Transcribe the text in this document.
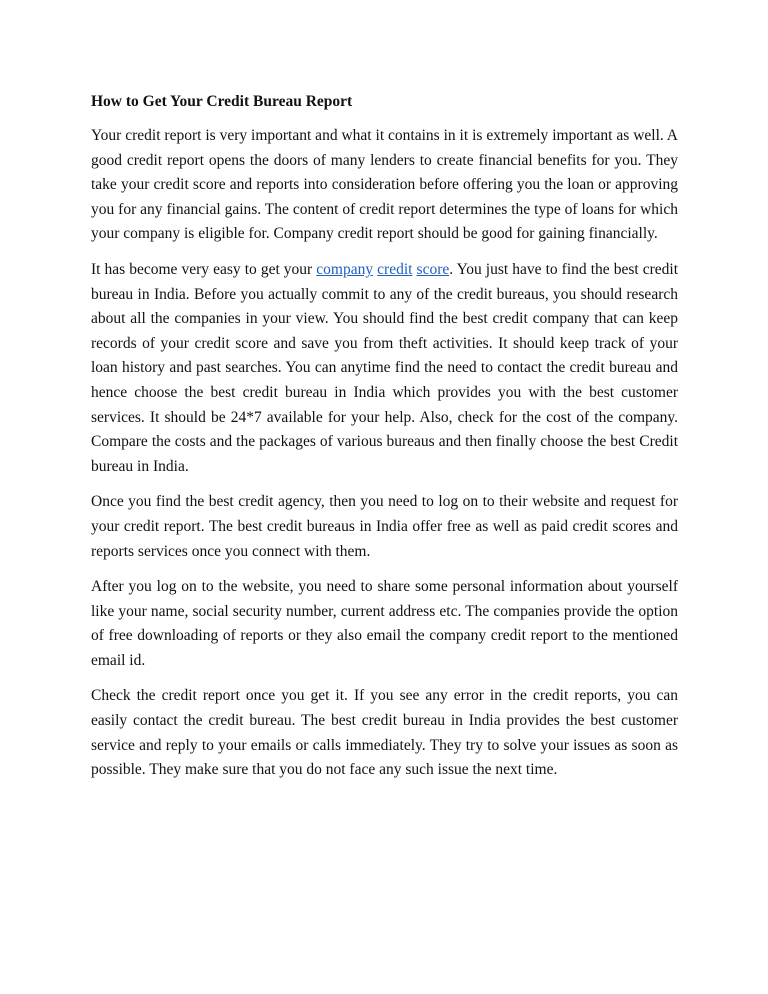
How to Get Your Credit Bureau Report

Your credit report is very important and what it contains in it is extremely important as well. A good credit report opens the doors of many lenders to create financial benefits for you. They take your credit score and reports into consideration before offering you the loan or approving you for any financial gains. The content of credit report determines the type of loans for which your company is eligible for. Company credit report should be good for gaining financially.

It has become very easy to get your company credit score. You just have to find the best credit bureau in India. Before you actually commit to any of the credit bureaus, you should research about all the companies in your view. You should find the best credit company that can keep records of your credit score and save you from theft activities. It should keep track of your loan history and past searches. You can anytime find the need to contact the credit bureau and hence choose the best credit bureau in India which provides you with the best customer services. It should be 24*7 available for your help. Also, check for the cost of the company. Compare the costs and the packages of various bureaus and then finally choose the best Credit bureau in India.

Once you find the best credit agency, then you need to log on to their website and request for your credit report. The best credit bureaus in India offer free as well as paid credit scores and reports services once you connect with them.

After you log on to the website, you need to share some personal information about yourself like your name, social security number, current address etc. The companies provide the option of free downloading of reports or they also email the company credit report to the mentioned email id.

Check the credit report once you get it. If you see any error in the credit reports, you can easily contact the credit bureau. The best credit bureau in India provides the best customer service and reply to your emails or calls immediately. They try to solve your issues as soon as possible. They make sure that you do not face any such issue the next time.
